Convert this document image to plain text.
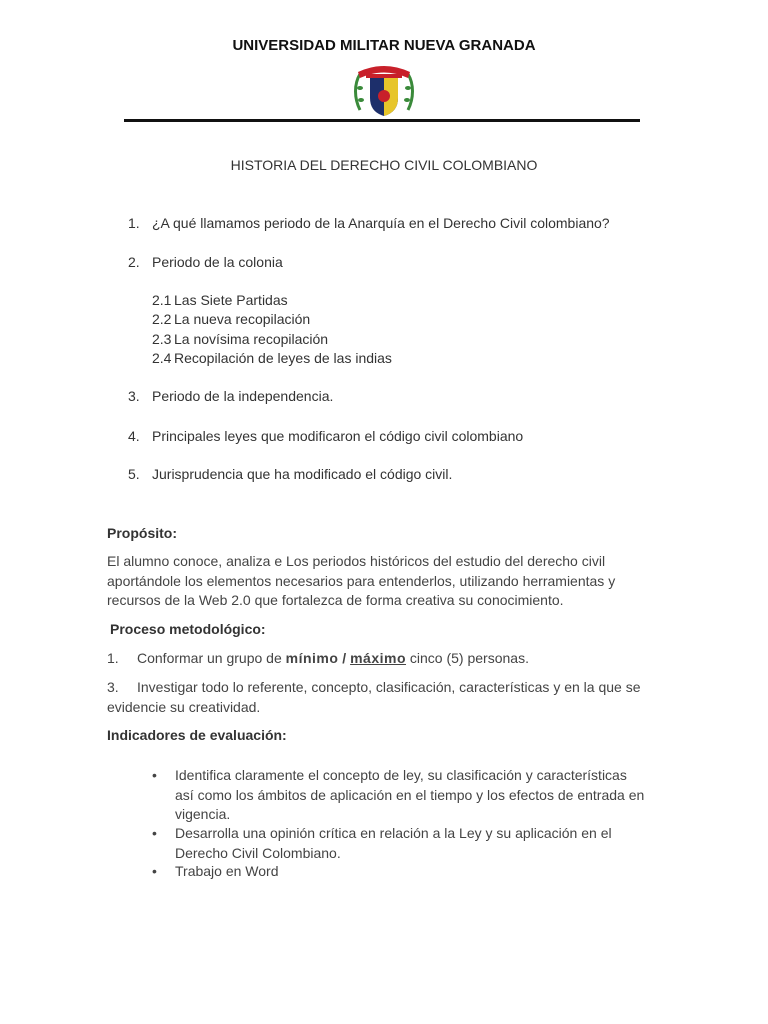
UNIVERSIDAD MILITAR NUEVA GRANADA
HISTORIA DEL DERECHO CIVIL COLOMBIANO
1. ¿A qué llamamos periodo de la Anarquía en el Derecho Civil colombiano?
2. Periodo de la colonia
2.1 Las Siete Partidas
2.2 La nueva recopilación
2.3 La novísima recopilación
2.4 Recopilación de leyes de las indias
3. Periodo de la independencia.
4. Principales leyes que modificaron el código civil colombiano
5. Jurisprudencia que ha modificado el código civil.
Propósito:
El alumno conoce, analiza e Los periodos históricos del estudio del derecho civil aportándole los elementos necesarios para entenderlos, utilizando herramientas y recursos de la Web 2.0 que fortalezca de forma creativa su conocimiento.
Proceso metodológico:
1. Conformar un grupo de mínimo / máximo cinco (5) personas.
3. Investigar todo lo referente, concepto, clasificación, características y en la que se evidencie su creatividad.
Indicadores de evaluación:
• Identifica claramente el concepto de ley, su clasificación y características así como los ámbitos de aplicación en el tiempo y los efectos de entrada en vigencia.
• Desarrolla una opinión crítica en relación a la Ley y su aplicación en el Derecho Civil Colombiano.
• Trabajo en Word
